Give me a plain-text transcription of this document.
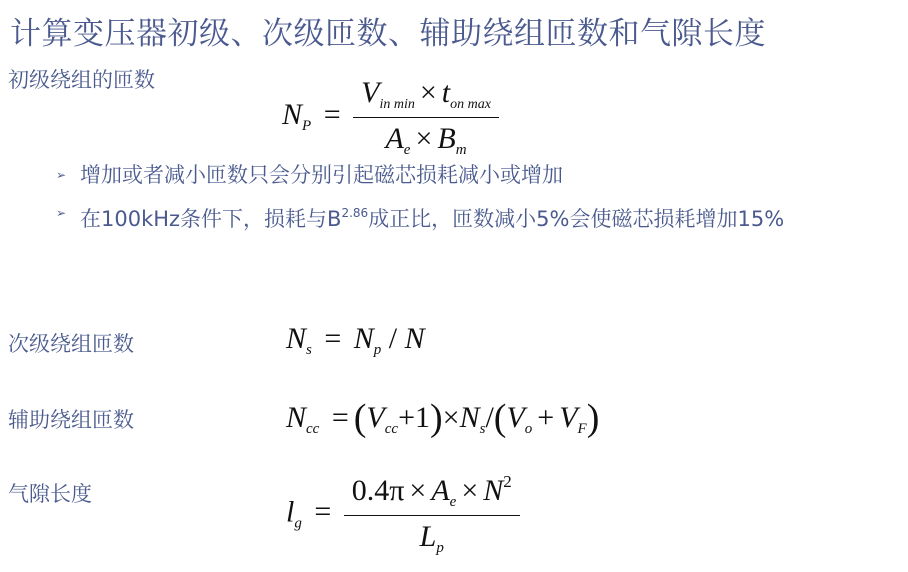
计算变压器初级、次级匝数、辅助绕组匝数和气隙长度
初级绕组的匝数
$N_P = \frac{V_{in min} \times t_{on max}}{A_e \times B_m}$
➢ 增加或者减小匝数只会分别引起磁芯损耗减小或增加
➢ 在100kHz条件下，损耗与$B^{2.86}$成正比，匝数减小5%会使磁芯损耗增加15%
次级绕组匝数	$N_s = N_p / N$
辅助绕组匝数	$N_{cc} = (V_{cc}+1)\times N_s/(V_o + V_F)$
气隙长度
$l_g = \frac{0.4\pi \times A_e \times N^2}{L_p}$
